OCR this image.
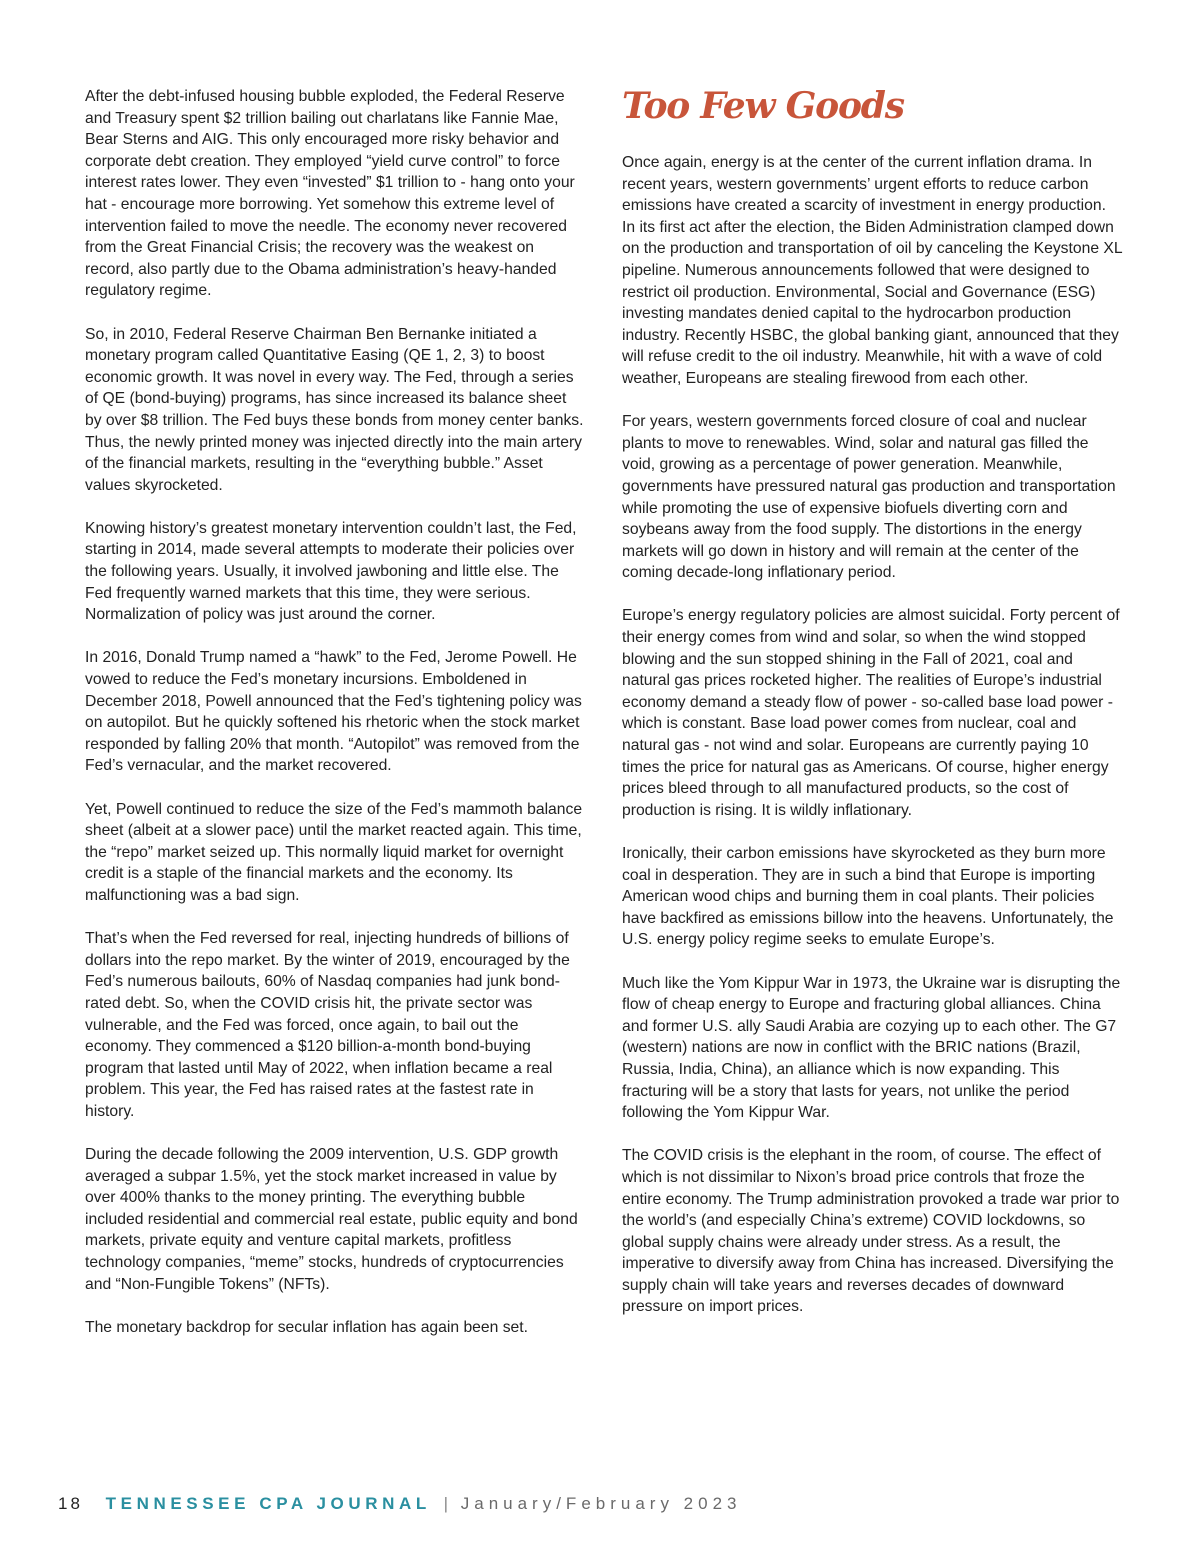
After the debt-infused housing bubble exploded, the Federal Reserve and Treasury spent $2 trillion bailing out charlatans like Fannie Mae, Bear Sterns and AIG. This only encouraged more risky behavior and corporate debt creation. They employed “yield curve control” to force interest rates lower. They even “invested” $1 trillion to - hang onto your hat - encourage more borrowing. Yet somehow this extreme level of intervention failed to move the needle. The economy never recovered from the Great Financial Crisis; the recovery was the weakest on record, also partly due to the Obama administration’s heavy-handed regulatory regime.

So, in 2010, Federal Reserve Chairman Ben Bernanke initiated a monetary program called Quantitative Easing (QE 1, 2, 3) to boost economic growth. It was novel in every way. The Fed, through a series of QE (bond-buying) programs, has since increased its balance sheet by over $8 trillion. The Fed buys these bonds from money center banks. Thus, the newly printed money was injected directly into the main artery of the financial markets, resulting in the “everything bubble.” Asset values skyrocketed.

Knowing history’s greatest monetary intervention couldn’t last, the Fed, starting in 2014, made several attempts to moderate their policies over the following years. Usually, it involved jawboning and little else. The Fed frequently warned markets that this time, they were serious. Normalization of policy was just around the corner.

In 2016, Donald Trump named a “hawk” to the Fed, Jerome Powell. He vowed to reduce the Fed’s monetary incursions. Emboldened in December 2018, Powell announced that the Fed’s tightening policy was on autopilot. But he quickly softened his rhetoric when the stock market responded by falling 20% that month. “Autopilot” was removed from the Fed’s vernacular, and the market recovered.

Yet, Powell continued to reduce the size of the Fed’s mammoth balance sheet (albeit at a slower pace) until the market reacted again. This time, the “repo” market seized up. This normally liquid market for overnight credit is a staple of the financial markets and the economy. Its malfunctioning was a bad sign.

That’s when the Fed reversed for real, injecting hundreds of billions of dollars into the repo market. By the winter of 2019, encouraged by the Fed’s numerous bailouts, 60% of Nasdaq companies had junk bond-rated debt. So, when the COVID crisis hit, the private sector was vulnerable, and the Fed was forced, once again, to bail out the economy. They commenced a $120 billion-a-month bond-buying program that lasted until May of 2022, when inflation became a real problem. This year, the Fed has raised rates at the fastest rate in history.

During the decade following the 2009 intervention, U.S. GDP growth averaged a subpar 1.5%, yet the stock market increased in value by over 400% thanks to the money printing. The everything bubble included residential and commercial real estate, public equity and bond markets, private equity and venture capital markets, profitless technology companies, “meme” stocks, hundreds of cryptocurrencies and “Non-Fungible Tokens” (NFTs).

The monetary backdrop for secular inflation has again been set.

Too Few Goods

Once again, energy is at the center of the current inflation drama. In recent years, western governments’ urgent efforts to reduce carbon emissions have created a scarcity of investment in energy production. In its first act after the election, the Biden Administration clamped down on the production and transportation of oil by canceling the Keystone XL pipeline. Numerous announcements followed that were designed to restrict oil production. Environmental, Social and Governance (ESG) investing mandates denied capital to the hydrocarbon production industry. Recently HSBC, the global banking giant, announced that they will refuse credit to the oil industry. Meanwhile, hit with a wave of cold weather, Europeans are stealing firewood from each other.

For years, western governments forced closure of coal and nuclear plants to move to renewables. Wind, solar and natural gas filled the void, growing as a percentage of power generation. Meanwhile, governments have pressured natural gas production and transportation while promoting the use of expensive biofuels diverting corn and soybeans away from the food supply. The distortions in the energy markets will go down in history and will remain at the center of the coming decade-long inflationary period.

Europe’s energy regulatory policies are almost suicidal. Forty percent of their energy comes from wind and solar, so when the wind stopped blowing and the sun stopped shining in the Fall of 2021, coal and natural gas prices rocketed higher. The realities of Europe’s industrial economy demand a steady flow of power - so-called base load power - which is constant. Base load power comes from nuclear, coal and natural gas - not wind and solar. Europeans are currently paying 10 times the price for natural gas as Americans. Of course, higher energy prices bleed through to all manufactured products, so the cost of production is rising. It is wildly inflationary.

Ironically, their carbon emissions have skyrocketed as they burn more coal in desperation. They are in such a bind that Europe is importing American wood chips and burning them in coal plants. Their policies have backfired as emissions billow into the heavens. Unfortunately, the U.S. energy policy regime seeks to emulate Europe’s.

Much like the Yom Kippur War in 1973, the Ukraine war is disrupting the flow of cheap energy to Europe and fracturing global alliances. China and former U.S. ally Saudi Arabia are cozying up to each other. The G7 (western) nations are now in conflict with the BRIC nations (Brazil, Russia, India, China), an alliance which is now expanding. This fracturing will be a story that lasts for years, not unlike the period following the Yom Kippur War.

The COVID crisis is the elephant in the room, of course. The effect of which is not dissimilar to Nixon’s broad price controls that froze the entire economy. The Trump administration provoked a trade war prior to the world’s (and especially China’s extreme) COVID lockdowns, so global supply chains were already under stress. As a result, the imperative to diversify away from China has increased. Diversifying the supply chain will take years and reverses decades of downward pressure on import prices.

18 TENNESSEE CPA JOURNAL | January/February 2023
